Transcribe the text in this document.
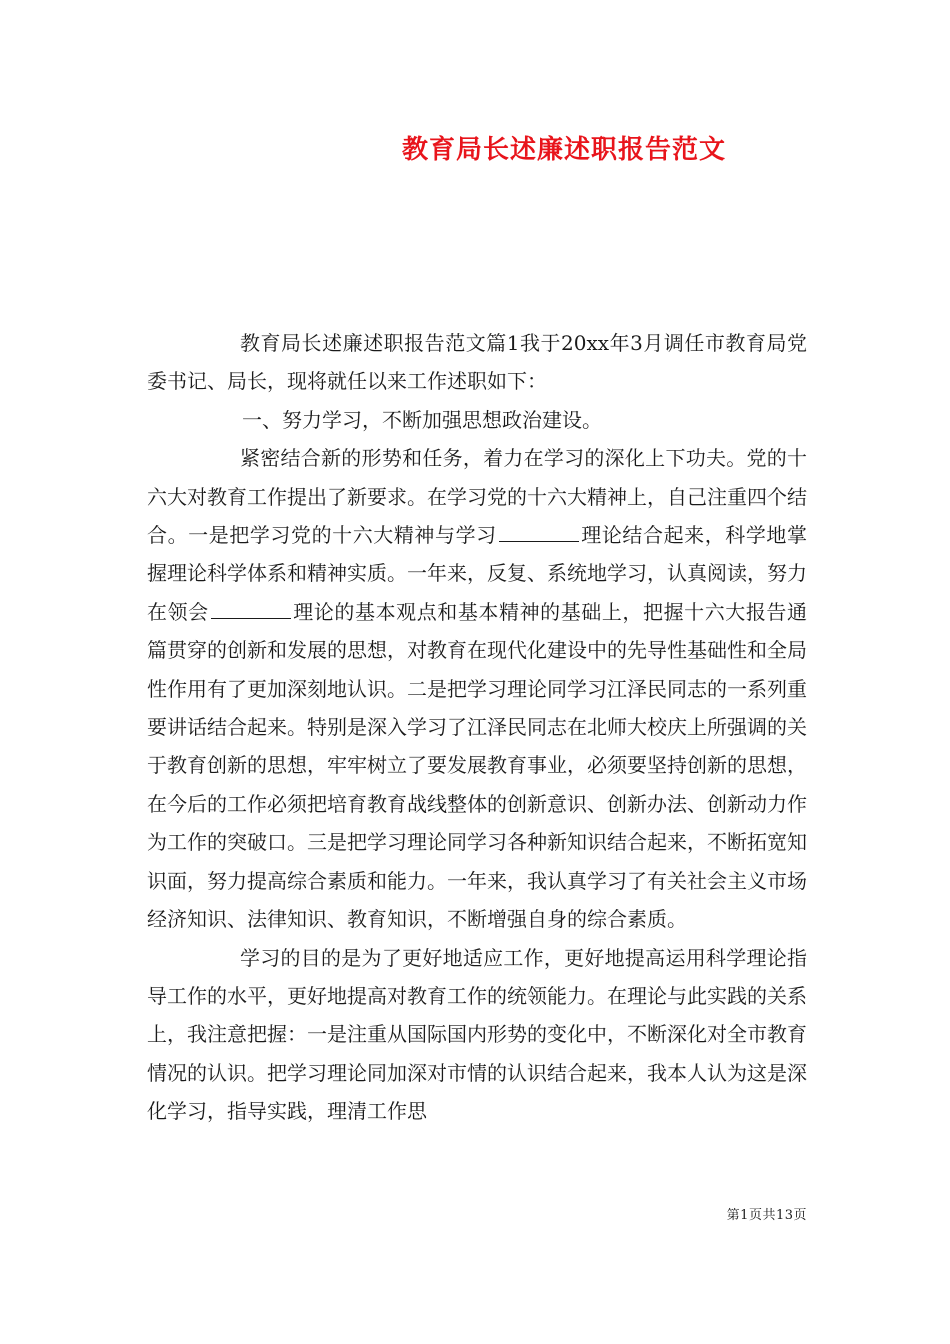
教育局长述廉述职报告范文

教育局长述廉述职报告范文篇1我于20xx年3月调任市教育局党委书记、局长，现将就任以来工作述职如下：

一、努力学习，不断加强思想政治建设。

紧密结合新的形势和任务，着力在学习的深化上下功夫。党的十六大对教育工作提出了新要求。在学习党的十六大精神上，自己注重四个结合。一是把学习党的十六大精神与学习	理论结合起来，科学地掌握理论科学体系和精神实质。一年来，反复、系统地学习，认真阅读，努力在领会	理论的基本观点和基本精神的基础上，把握十六大报告通篇贯穿的创新和发展的思想，对教育在现代化建设中的先导性基础性和全局性作用有了更加深刻地认识。二是把学习理论同学习江泽民同志的一系列重要讲话结合起来。特别是深入学习了江泽民同志在北师大校庆上所强调的关于教育创新的思想，牢牢树立了要发展教育事业，必须要坚持创新的思想，在今后的工作必须把培育教育战线整体的创新意识、创新办法、创新动力作为工作的突破口。三是把学习理论同学习各种新知识结合起来，不断拓宽知识面，努力提高综合素质和能力。一年来，我认真学习了有关社会主义市场经济知识、法律知识、教育知识，不断增强自身的综合素质。

学习的目的是为了更好地适应工作，更好地提高运用科学理论指导工作的水平，更好地提高对教育工作的统领能力。在理论与此实践的关系上，我注意把握：一是注重从国际国内形势的变化中，不断深化对全市教育情况的认识。把学习理论同加深对市情的认识结合起来，我本人认为这是深化学习，指导实践，理清工作思

第1页共13页
